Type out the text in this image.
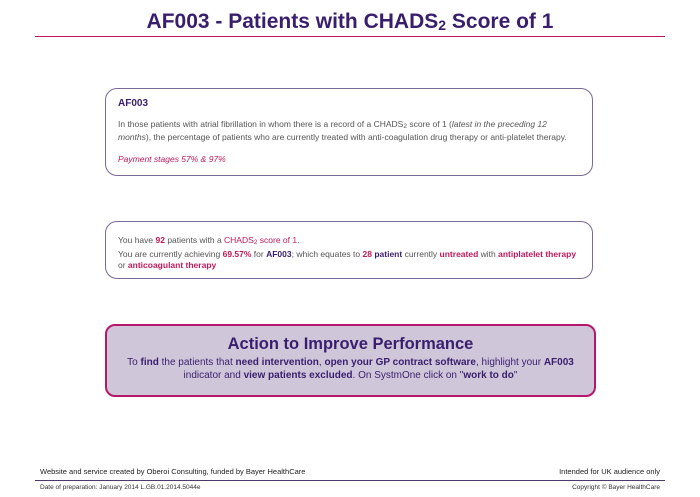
AF003 - Patients with $CHADS_2$ Score of 1
AF003

In those patients with atrial fibrillation in whom there is a record of a $CHADS_2$ score of 1 (latest in the preceding 12 months), the percentage of patients who are currently treated with anti-coagulation drug therapy or anti-platelet therapy.

Payment stages 57% & 97%
You have 92 patients with a $CHADS_2$ score of 1.
You are currently achieving 69.57% for AF003; which equates to 28 patient currently untreated with antiplatelet therapy or anticoagulant therapy
Action to Improve Performance
To find the patients that need intervention, open your GP contract software, highlight your AF003 indicator and view patients excluded. On SystmOne click on "work to do"
Website and service created by Oberoi Consulting, funded by Bayer HealthCare	Intended for UK audience only
Date of preparation: January 2014 L.GB.01.2014.5044e	Copyright © Bayer HealthCare
